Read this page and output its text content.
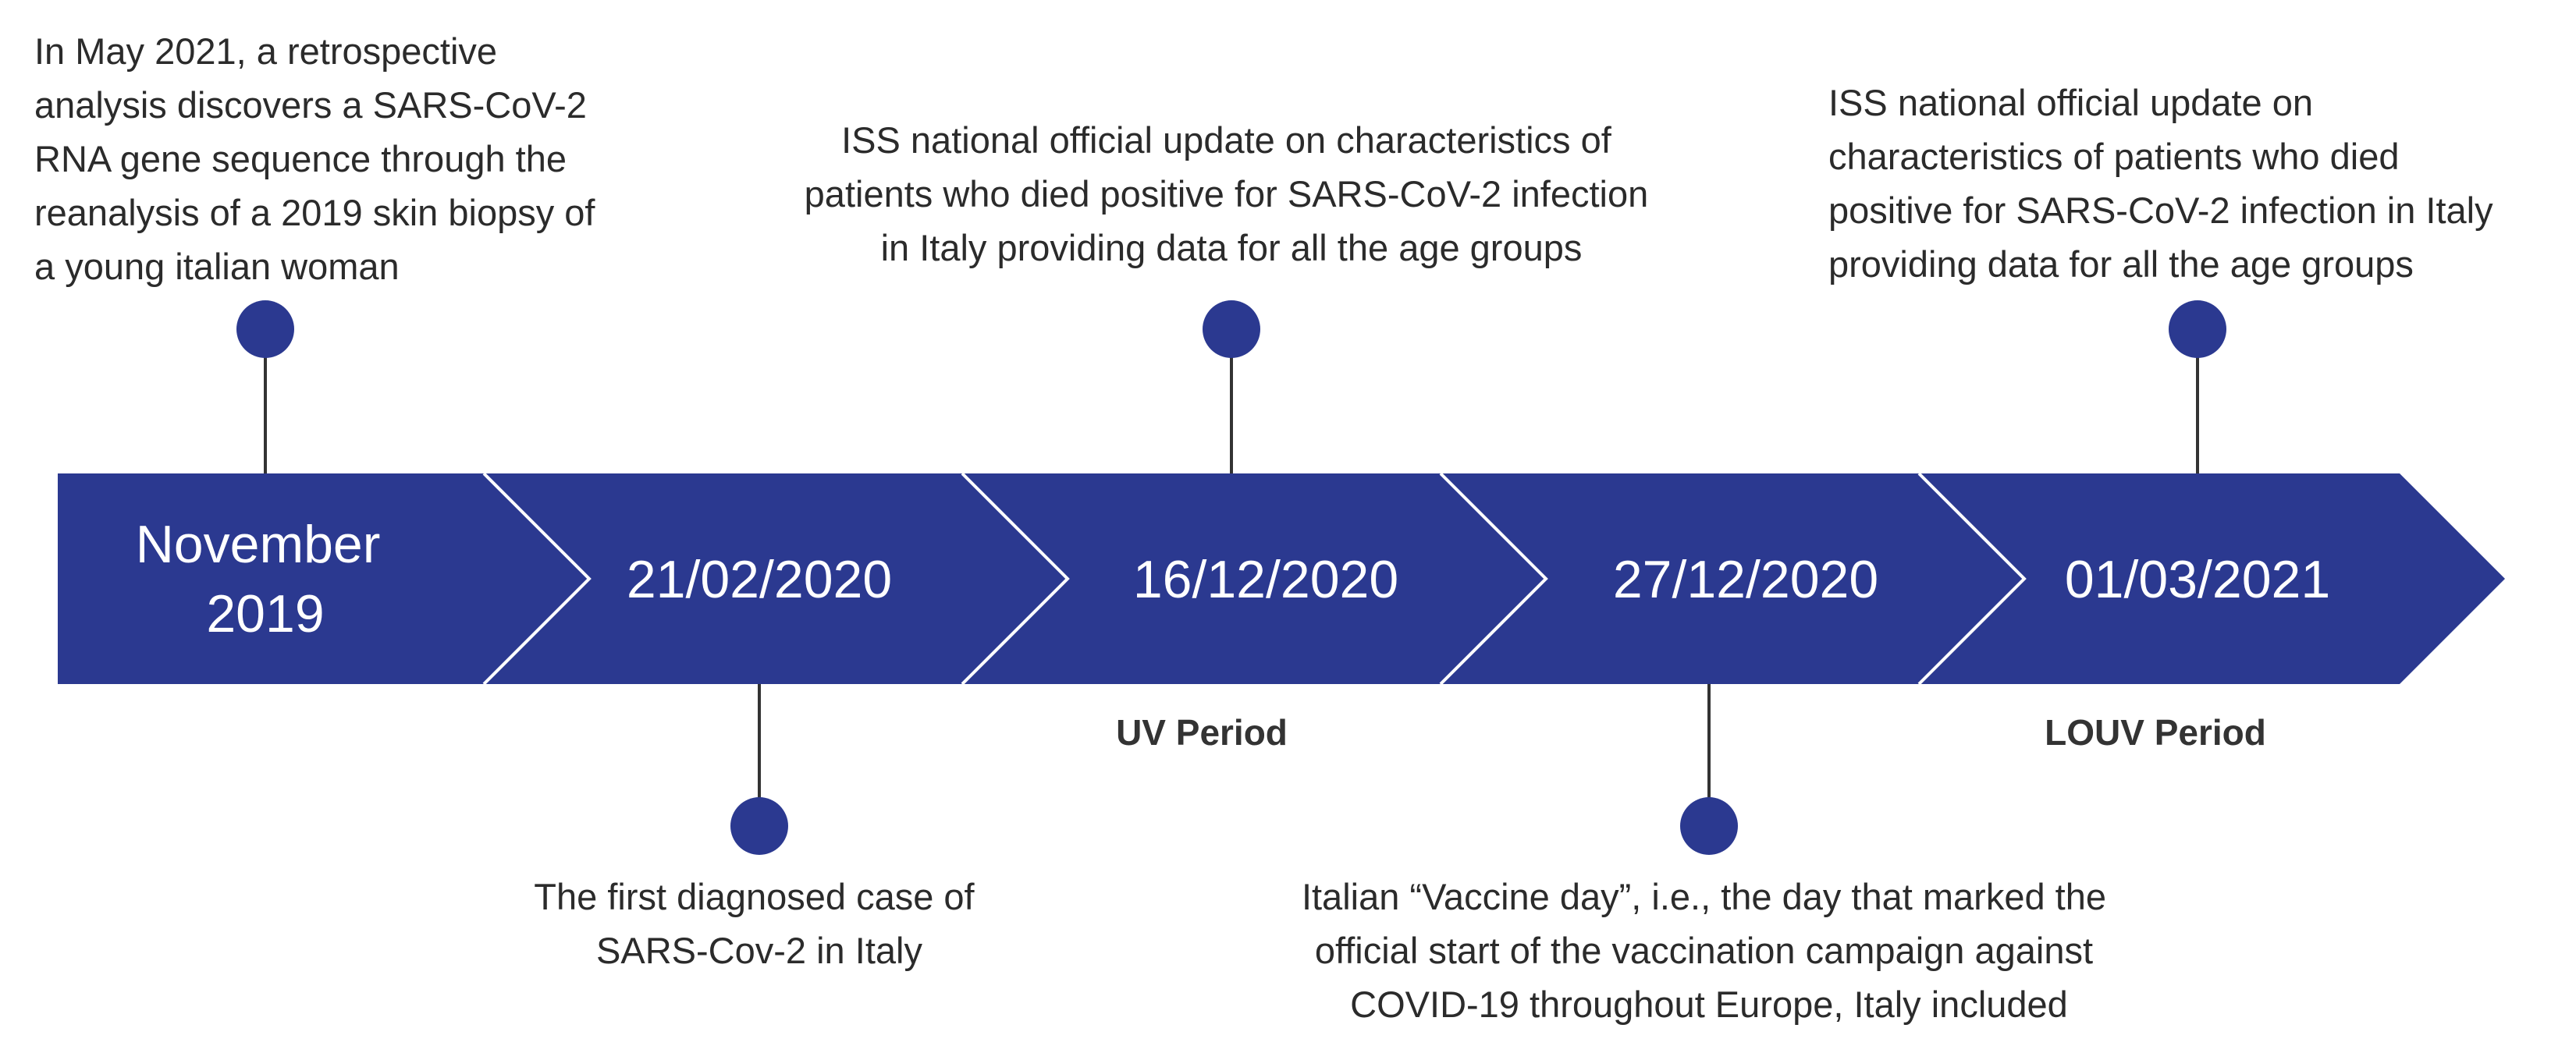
November 2019
In May 2021, a retrospective analysis discovers a SARS-CoV-2 RNA gene sequence through the reanalysis of a 2019 skin biopsy of a young italian woman
21/02/2020
The first diagnosed case of SARS-Cov-2 in Italy
16/12/2020
ISS national official update on characteristics of patients who died positive for SARS-CoV-2 infection in Italy providing data for all the age groups
27/12/2020
Italian “Vaccine day”, i.e., the day that marked the official start of the vaccination campaign against COVID-19 throughout Europe, Italy included
01/03/2021
ISS national official update on characteristics of patients who died positive for SARS-CoV-2 infection in Italy providing data for all the age groups
UV Period	LOUV Period
